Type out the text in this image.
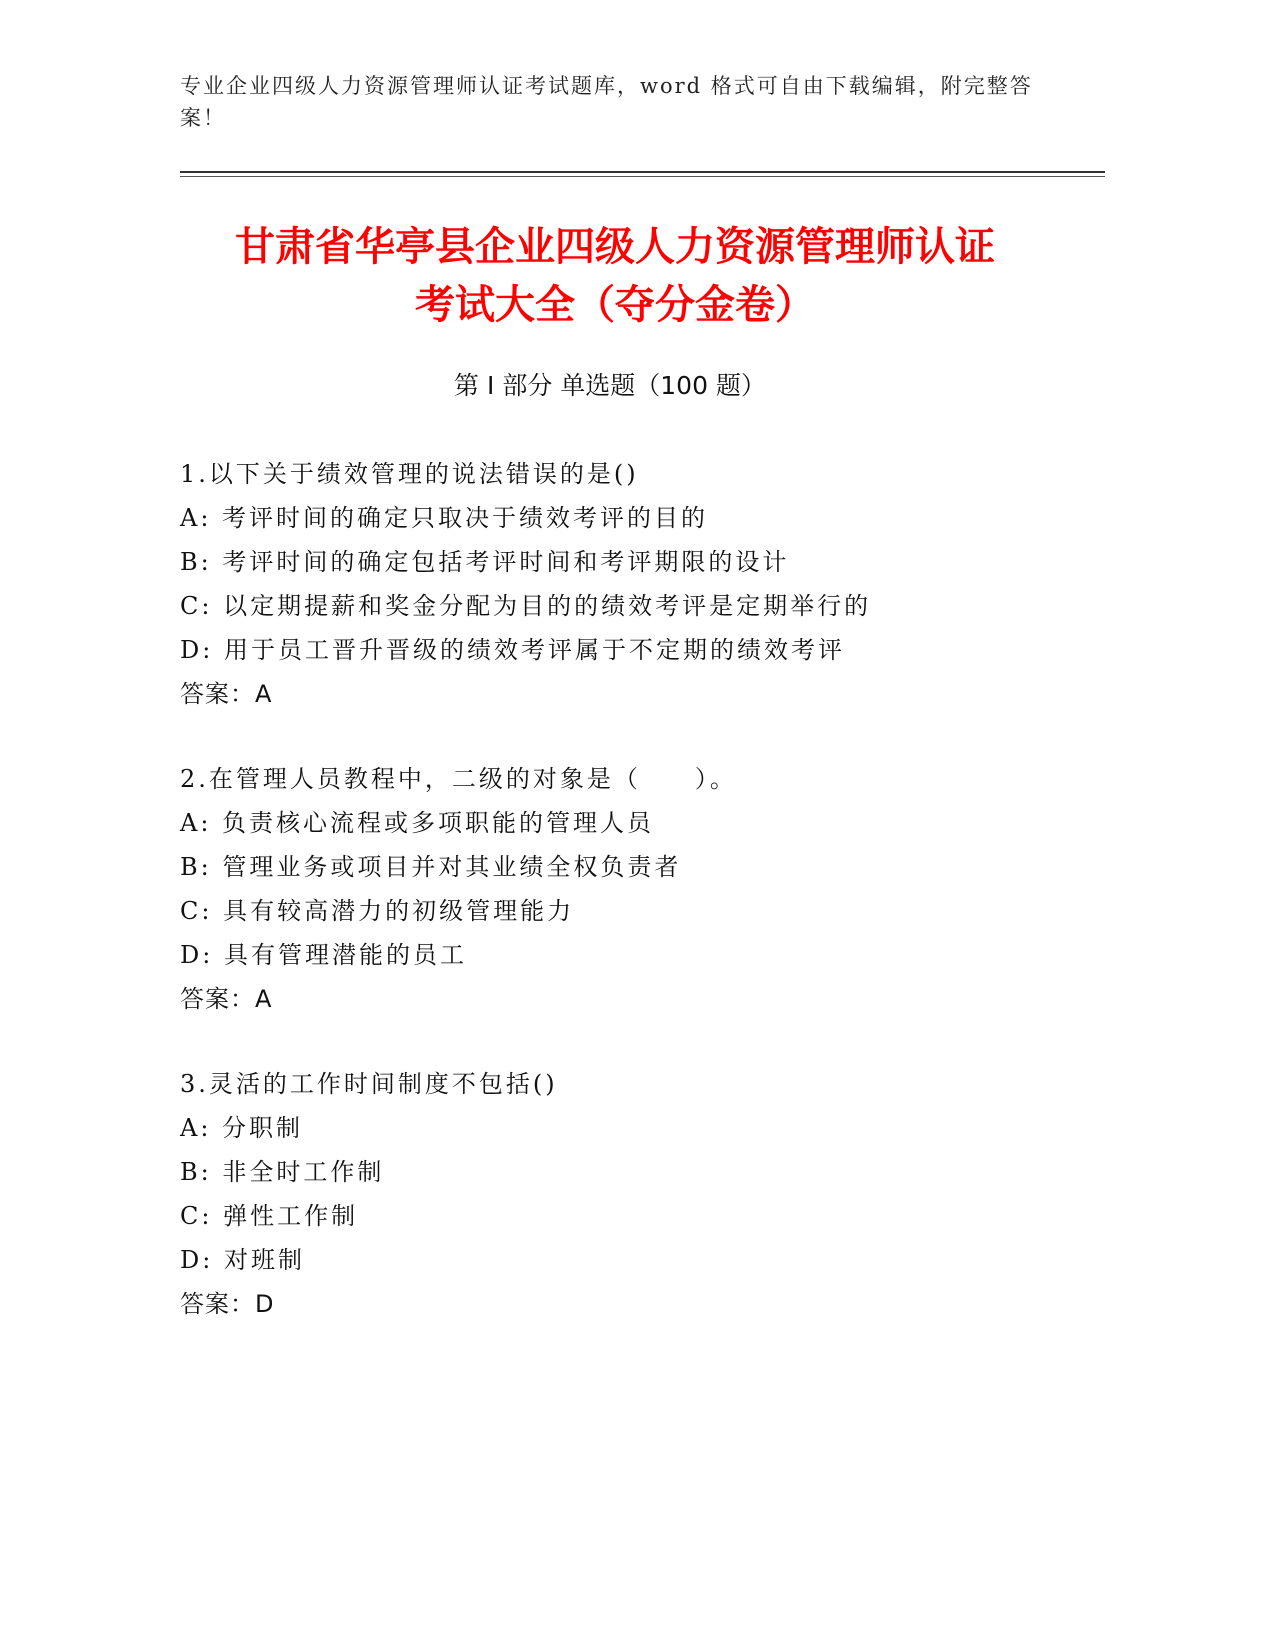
专业企业四级人力资源管理师认证考试题库，word 格式可自由下载编辑，附完整答案！
甘肃省华亭县企业四级人力资源管理师认证
考试大全（夺分金卷）
第 I 部分 单选题（100 题）
1.以下关于绩效管理的说法错误的是()
A: 考评时间的确定只取决于绩效考评的目的
B: 考评时间的确定包括考评时间和考评期限的设计
C: 以定期提薪和奖金分配为目的的绩效考评是定期举行的
D: 用于员工晋升晋级的绩效考评属于不定期的绩效考评
答案：A
2.在管理人员教程中，二级的对象是（　　）。
A: 负责核心流程或多项职能的管理人员
B: 管理业务或项目并对其业绩全权负责者
C: 具有较高潜力的初级管理能力
D: 具有管理潜能的员工
答案：A
3.灵活的工作时间制度不包括()
A: 分职制
B: 非全时工作制
C: 弹性工作制
D: 对班制
答案：D
